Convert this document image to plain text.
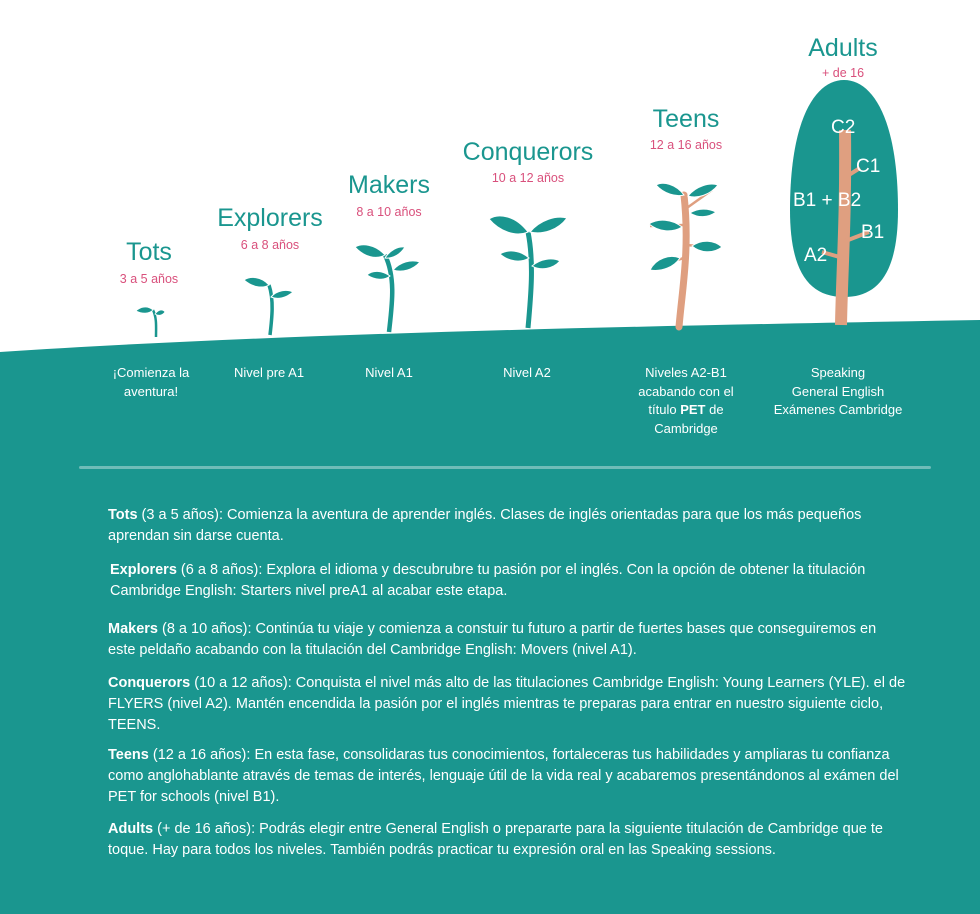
Tots
3 a 5 años
Explorers
6 a 8 años
Makers
8 a 10 años
Conquerors
10 a 12 años
Teens
12 a 16 años
Adults
+ de 16
C2
C1
B1 + B2
B1
A2
¡Comienza la
aventura!
Nivel pre A1	Nivel A1	Nivel A2	Niveles A2-B1
acabando con el
título PET de
Cambridge
Speaking
General English
Exámenes Cambridge
Tots (3 a 5 años): Comienza la aventura de aprender inglés. Clases de inglés orientadas para que los más pequeños
aprendan sin darse cuenta.
Explorers (6 a 8 años): Explora el idioma y descubrubre tu pasión por el inglés. Con la opción de obtener la titulación
Cambridge English: Starters nivel preA1 al acabar este etapa.
Makers (8 a 10 años): Continúa tu viaje y comienza a constuir tu futuro a partir de fuertes bases que conseguiremos en
este peldaño acabando con la titulación del Cambridge English: Movers (nivel A1).
Conquerors (10 a 12 años): Conquista el nivel más alto de las titulaciones Cambridge English: Young Learners (YLE). el de
FLYERS (nivel A2). Mantén encendida la pasión por el inglés mientras te preparas para entrar en nuestro siguiente ciclo,
TEENS.
Teens (12 a 16 años): En esta fase, consolidaras tus conocimientos, fortaleceras tus habilidades y ampliaras tu confianza
como anglohablante através de temas de interés, lenguaje útil de la vida real y acabaremos presentándonos al exámen del
PET for schools (nivel B1).
Adults (+ de 16 años): Podrás elegir entre General English o prepararte para la siguiente titulación de Cambridge que te
toque. Hay para todos los niveles. También podrás practicar tu expresión oral en las Speaking sessions.
